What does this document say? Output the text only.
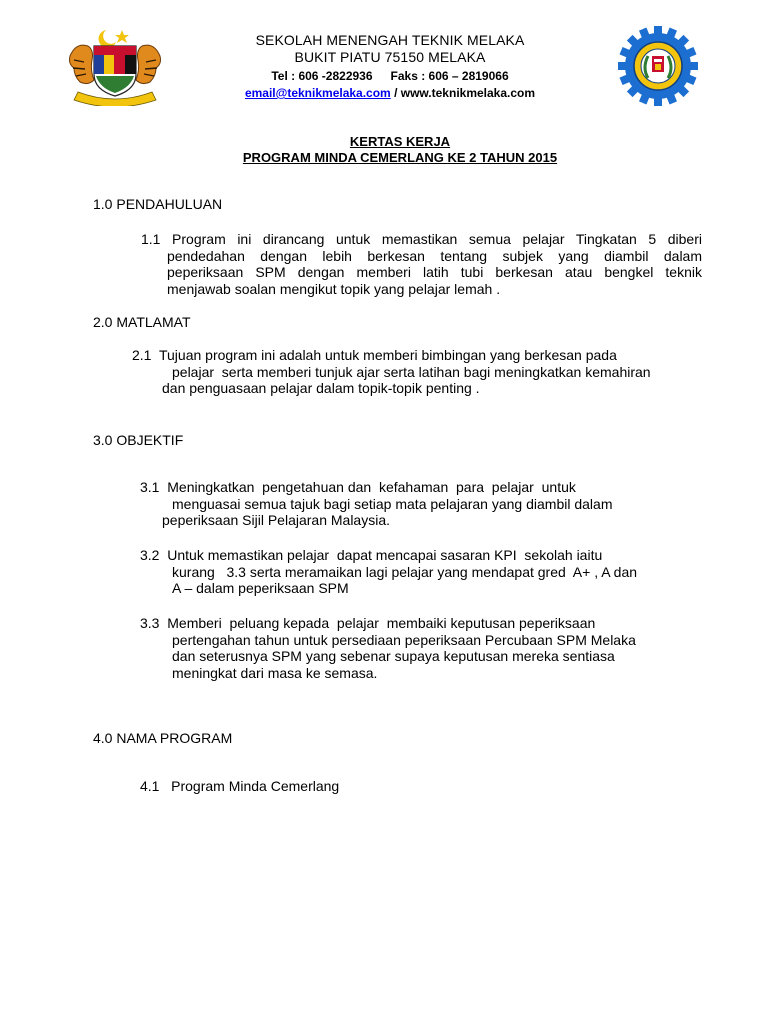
SEKOLAH MENENGAH TEKNIK MELAKA
BUKIT PIATU 75150 MELAKA
Tel : 606 -2822936 Faks : 606 – 2819066
email@teknikmelaka.com / www.teknikmelaka.com
KERTAS KERJA
PROGRAM MINDA CEMERLANG KE 2 TAHUN 2015
1.0 PENDAHULUAN
1.1 Program ini dirancang untuk memastikan semua pelajar Tingkatan 5 diberi
pendedahan dengan lebih berkesan tentang subjek yang diambil dalam
peperiksaan SPM dengan memberi latih tubi berkesan atau bengkel teknik
menjawab soalan mengikut topik yang pelajar lemah .
2.0 MATLAMAT
2.1  Tujuan program ini adalah untuk memberi bimbingan yang berkesan pada
pelajar  serta memberi tunjuk ajar serta latihan bagi meningkatkan kemahiran
dan penguasaan pelajar dalam topik-topik penting .
3.0 OBJEKTIF
3.1  Meningkatkan  pengetahuan dan  kefahaman  para  pelajar  untuk
menguasai semua tajuk bagi setiap mata pelajaran yang diambil dalam
peperiksaan Sijil Pelajaran Malaysia.
3.2  Untuk memastikan pelajar  dapat mencapai sasaran KPI  sekolah iaitu
kurang   3.3 serta meramaikan lagi pelajar yang mendapat gred  A+ , A dan
A – dalam peperiksaan SPM
3.3  Memberi  peluang kepada  pelajar  membaiki keputusan peperiksaan
pertengahan tahun untuk persediaan peperiksaan Percubaan SPM Melaka
dan seterusnya SPM yang sebenar supaya keputusan mereka sentiasa
meningkat dari masa ke semasa.
4.0 NAMA PROGRAM
4.1   Program Minda Cemerlang
